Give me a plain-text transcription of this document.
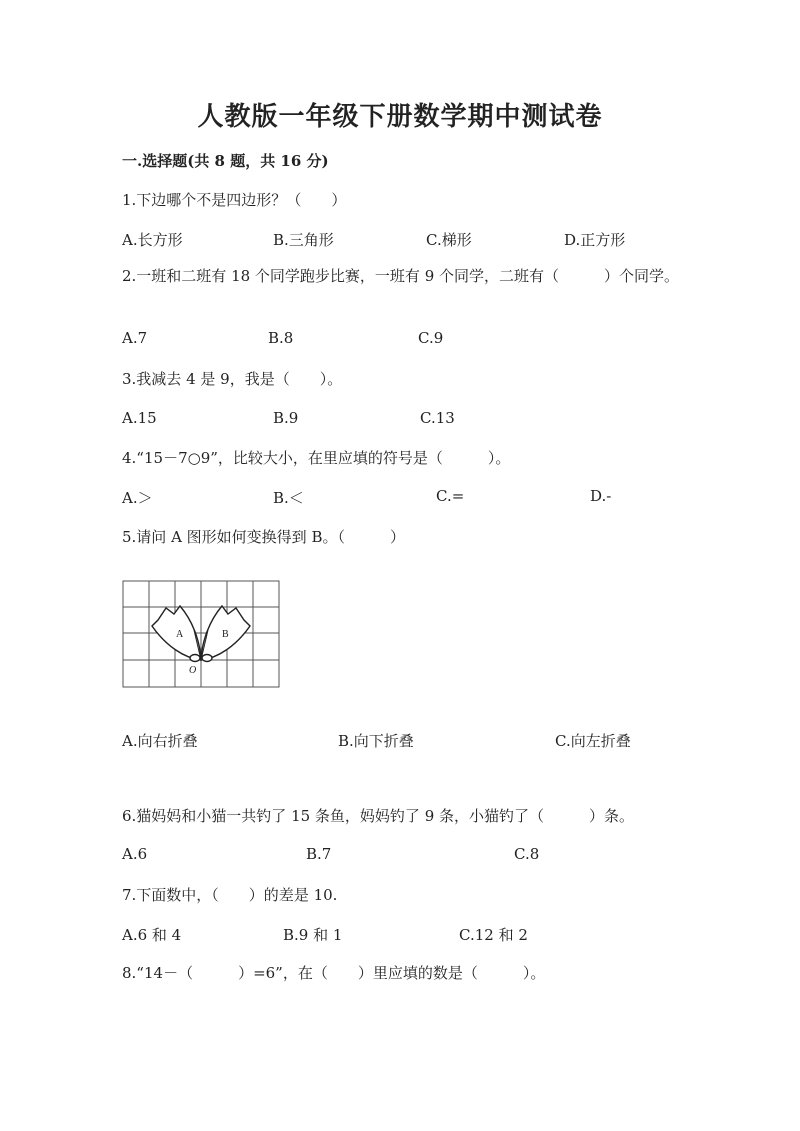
人教版一年级下册数学期中测试卷
一.选择题(共 8 题，共 16 分)
1.下边哪个不是四边形？（　　）
A.长方形	B.三角形	C.梯形	D.正方形
2.一班和二班有 18 个同学跑步比赛，一班有 9 个同学，二班有（　　　）个同学。
A.7	B.8	C.9
3.我减去 4 是 9，我是（　　）。
A.15	B.9	C.13
4.“15－7○9”，比较大小，在里应填的符号是（　　　）。
A.＞	B.＜	C.=	D.-
5.请问 A 图形如何变换得到 B。（　　　）
A	B
O
A.向右折叠	B.向下折叠	C.向左折叠
6.猫妈妈和小猫一共钓了 15 条鱼，妈妈钓了 9 条，小猫钓了（　　　）条。
A.6	B.7	C.8
7.下面数中，（　　）的差是 10.
A.6 和 4	B.9 和 1	C.12 和 2
8.“14－（　　　）=6”，在（　　）里应填的数是（　　　）。
